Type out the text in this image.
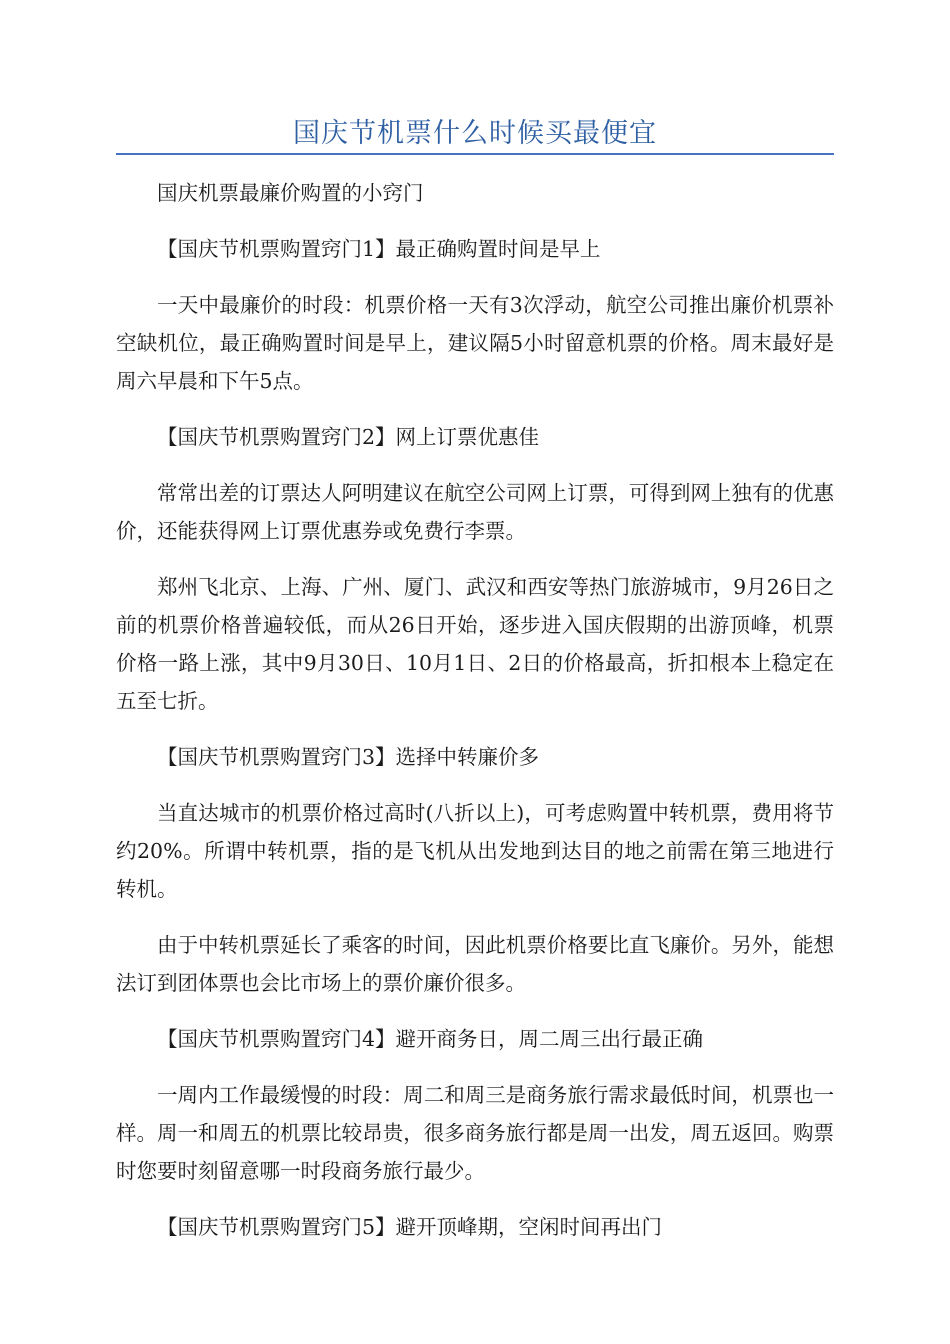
国庆节机票什么时候买最便宜

国庆机票最廉价购置的小窍门

【国庆节机票购置窍门1】最正确购置时间是早上

一天中最廉价的时段：机票价格一天有3次浮动，航空公司推出廉价机票补空缺机位，最正确购置时间是早上，建议隔5小时留意机票的价格。周末最好是周六早晨和下午5点。

【国庆节机票购置窍门2】网上订票优惠佳

常常出差的订票达人阿明建议在航空公司网上订票，可得到网上独有的优惠价，还能获得网上订票优惠券或免费行李票。

郑州飞北京、上海、广州、厦门、武汉和西安等热门旅游城市，9月26日之前的机票价格普遍较低，而从26日开始，逐步进入国庆假期的出游顶峰，机票价格一路上涨，其中9月30日、10月1日、2日的价格最高，折扣根本上稳定在五至七折。

【国庆节机票购置窍门3】选择中转廉价多

当直达城市的机票价格过高时(八折以上)，可考虑购置中转机票，费用将节约20%。所谓中转机票，指的是飞机从出发地到达目的地之前需在第三地进行转机。

由于中转机票延长了乘客的时间，因此机票价格要比直飞廉价。另外，能想法订到团体票也会比市场上的票价廉价很多。

【国庆节机票购置窍门4】避开商务日，周二周三出行最正确

一周内工作最缓慢的时段：周二和周三是商务旅行需求最低时间，机票也一样。周一和周五的机票比较昂贵，很多商务旅行都是周一出发，周五返回。购票时您要时刻留意哪一时段商务旅行最少。

【国庆节机票购置窍门5】避开顶峰期，空闲时间再出门
